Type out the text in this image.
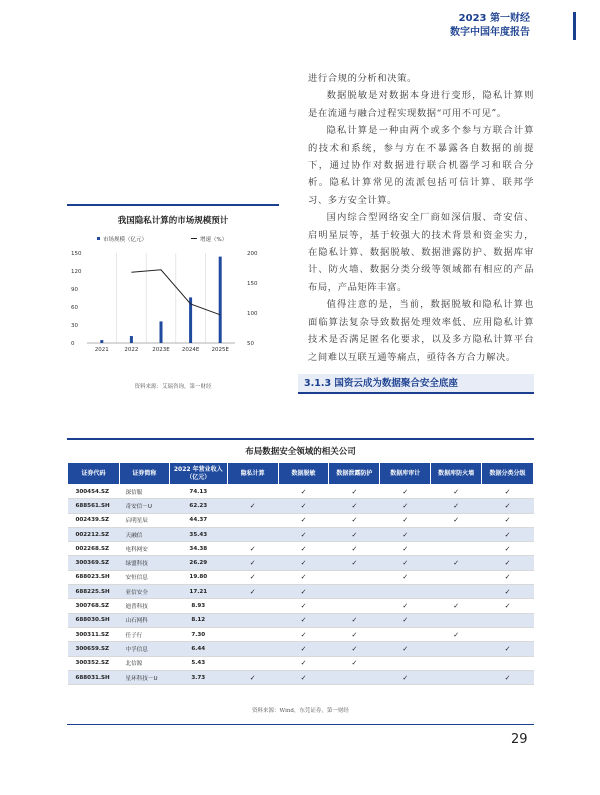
2023 第一财经
数字中国年度报告

进行合规的分析和决策。

数据脱敏是对数据本身进行变形，隐私计算则是在流通与融合过程实现数据“可用不可见”。

隐私计算是一种由两个或多个参与方联合计算的技术和系统，参与方在不暴露各自数据的前提下，通过协作对数据进行联合机器学习和联合分析。隐私计算常见的流派包括可信计算、联邦学习、多方安全计算。

国内综合型网络安全厂商如深信服、奇安信、启明星辰等，基于较强大的技术背景和资金实力，在隐私计算、数据脱敏、数据泄露防护、数据库审计、防火墙、数据分类分级等领域都有相应的产品布局，产品矩阵丰富。

值得注意的是，当前，数据脱敏和隐私计算也面临算法复杂导致数据处理效率低、应用隐私计算技术是否满足匿名化要求，以及多方隐私计算平台之间难以互联互通等痛点，亟待各方合力解决。

3.1.3 国资云成为数据聚合安全底座
我国隐私计算的市场规模预计
市场规模（亿元）	增速（%）
0
30
60
90
120
150
50
100
150
200
2021	2022	2023E 2024E 2025E
资料来源：艾瑞咨询，第一财经
布局数据安全领域的相关公司
证券代码	证券简称	2022 年营业收入（亿元）	隐私计算	数据脱敏	数据泄露防护	数据库审计	数据库防火墙	数据分类分级
300454.SZ	深信服	74.13		✓	✓	✓	✓	✓
688561.SH	奇安信－U	62.23	✓	✓	✓	✓	✓	✓
002439.SZ	启明星辰	44.37		✓	✓	✓	✓	✓
002212.SZ	天融信	35.43		✓	✓	✓		✓
002268.SZ	电科网安	34.38	✓	✓	✓	✓		✓
300369.SZ	绿盟科技	26.29	✓	✓	✓	✓	✓	✓
688023.SH	安恒信息	19.80	✓	✓		✓		✓
688225.SH	亚信安全	17.21	✓	✓				✓
300768.SZ	迪普科技	8.93		✓		✓	✓	✓
688030.SH	山石网科	8.12		✓	✓	✓		
300311.SZ	任子行	7.30		✓	✓		✓	
300659.SZ	中孚信息	6.44		✓	✓	✓		✓
300352.SZ	北信源	5.43		✓	✓			
688031.SH	星环科技－U	3.73	✓	✓		✓		✓
资料来源：Wind，东莞证券，第一财经
29
